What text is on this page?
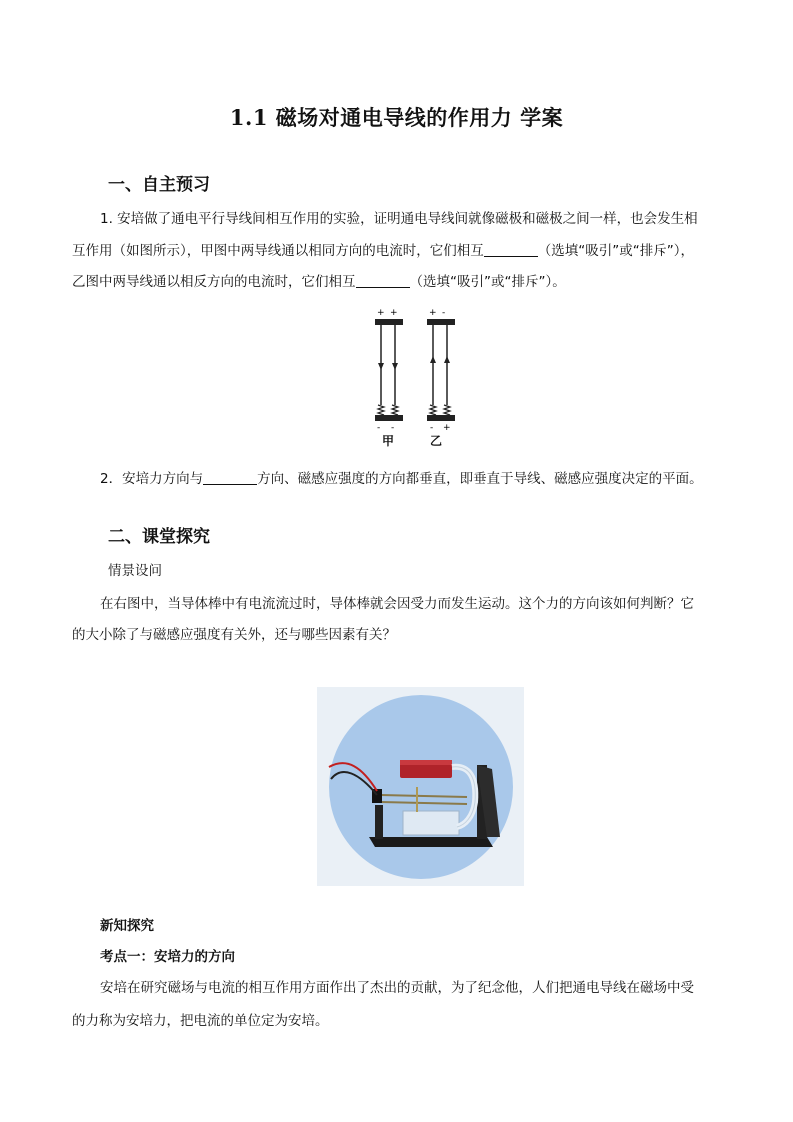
1.1 磁场对通电导线的作用力 学案
一、自主预习
1. 安培做了通电平行导线间相互作用的实验，证明通电导线间就像磁极和磁极之间一样，也会发生相
互作用（如图所示），甲图中两导线通以相同方向的电流时，它们相互	（选填“吸引”或“排斥”），
乙图中两导线通以相反方向的电流时，它们相互	（选填“吸引”或“排斥”）。
+ +
- -
+ -
- +
甲	乙
2．安培力方向与	方向、磁感应强度的方向都垂直，即垂直于导线、磁感应强度决定的平面。
二、课堂探究
情景设问
在右图中，当导体棒中有电流流过时，导体棒就会因受力而发生运动。这个力的方向该如何判断？它
的大小除了与磁感应强度有关外，还与哪些因素有关？
新知探究
考点一：安培力的方向
安培在研究磁场与电流的相互作用方面作出了杰出的贡献，为了纪念他，人们把通电导线在磁场中受
的力称为安培力，把电流的单位定为安培。
